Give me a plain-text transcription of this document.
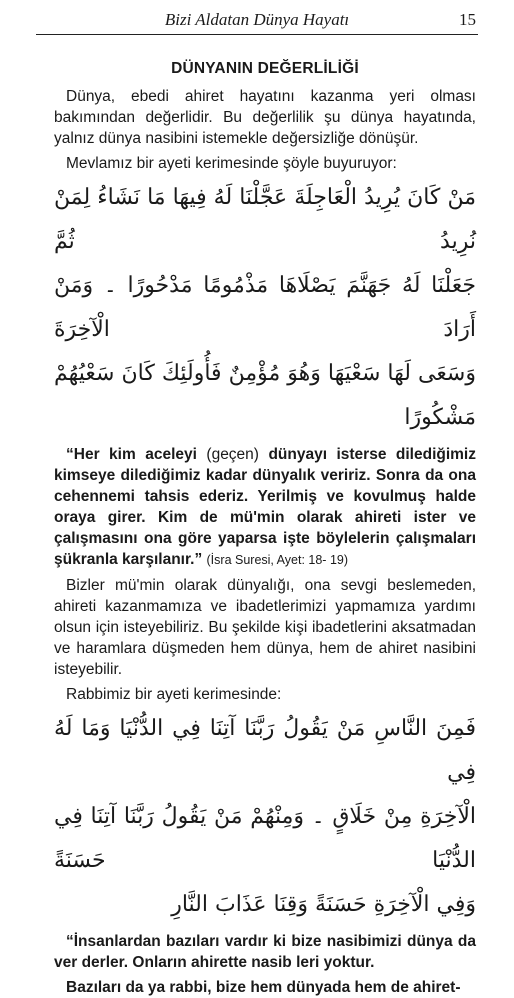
Bizi Aldatan Dünya Hayatı	15
DÜNYANIN DEĞERLİLİĞİ

Dünya, ebedi ahiret hayatını kazanma yeri olması bakımından değerlidir. Bu değerlilik şu dünya hayatında, yalnız dünya nasibini istemekle değersizliğe dönüşür.

Mevlamız bir ayeti kerimesinde şöyle buyuruyor:

مَنْ كَانَ يُرِيدُ الْعَاجِلَةَ عَجَّلْنَا لَهُ فِيهَا مَا نَشَاءُ لِمَنْ نُرِيدُ ثُمَّ
جَعَلْنَا لَهُ جَهَنَّمَ يَصْلَاهَا مَذْمُومًا مَدْحُورًا ۔ وَمَنْ أَرَادَ الْآخِرَةَ
وَسَعَى لَهَا سَعْيَهَا وَهُوَ مُؤْمِنٌ فَأُولَئِكَ كَانَ سَعْيُهُمْ مَشْكُورًا

“Her kim aceleyi (geçen) dünyayı isterse dilediğimiz kimseye dilediğimiz kadar dünyalık veririz. Sonra da ona cehennemi tahsis ederiz. Yerilmiş ve kovulmuş halde oraya girer. Kim de mü'min olarak ahireti ister ve çalışmasını ona göre yaparsa işte böylelerin çalışmaları şükranla karşılanır.” (İsra Suresi, Ayet: 18- 19)

Bizler mü'min olarak dünyalığı, ona sevgi beslemeden, ahireti kazanmamıza ve ibadetlerimizi yapmamıza yardımı olsun için isteyebiliriz. Bu şekilde kişi ibadetlerini aksatmadan ve haramlara düşmeden hem dünya, hem de ahiret nasibini isteyebilir.

Rabbimiz bir ayeti kerimesinde:

فَمِنَ النَّاسِ مَنْ يَقُولُ رَبَّنَا آتِنَا فِي الدُّنْيَا وَمَا لَهُ فِي
الْآخِرَةِ مِنْ خَلَاقٍ ۔ وَمِنْهُمْ مَنْ يَقُولُ رَبَّنَا آتِنَا فِي الدُّنْيَا حَسَنَةً
وَفِي الْآخِرَةِ حَسَنَةً وَقِنَا عَذَابَ النَّارِ

“İnsanlardan bazıları vardır ki bize nasibimizi dünya da ver derler. Onların ahirette nasib leri yoktur.

Bazıları da ya rabbi, bize hem dünyada hem de ahiret-
